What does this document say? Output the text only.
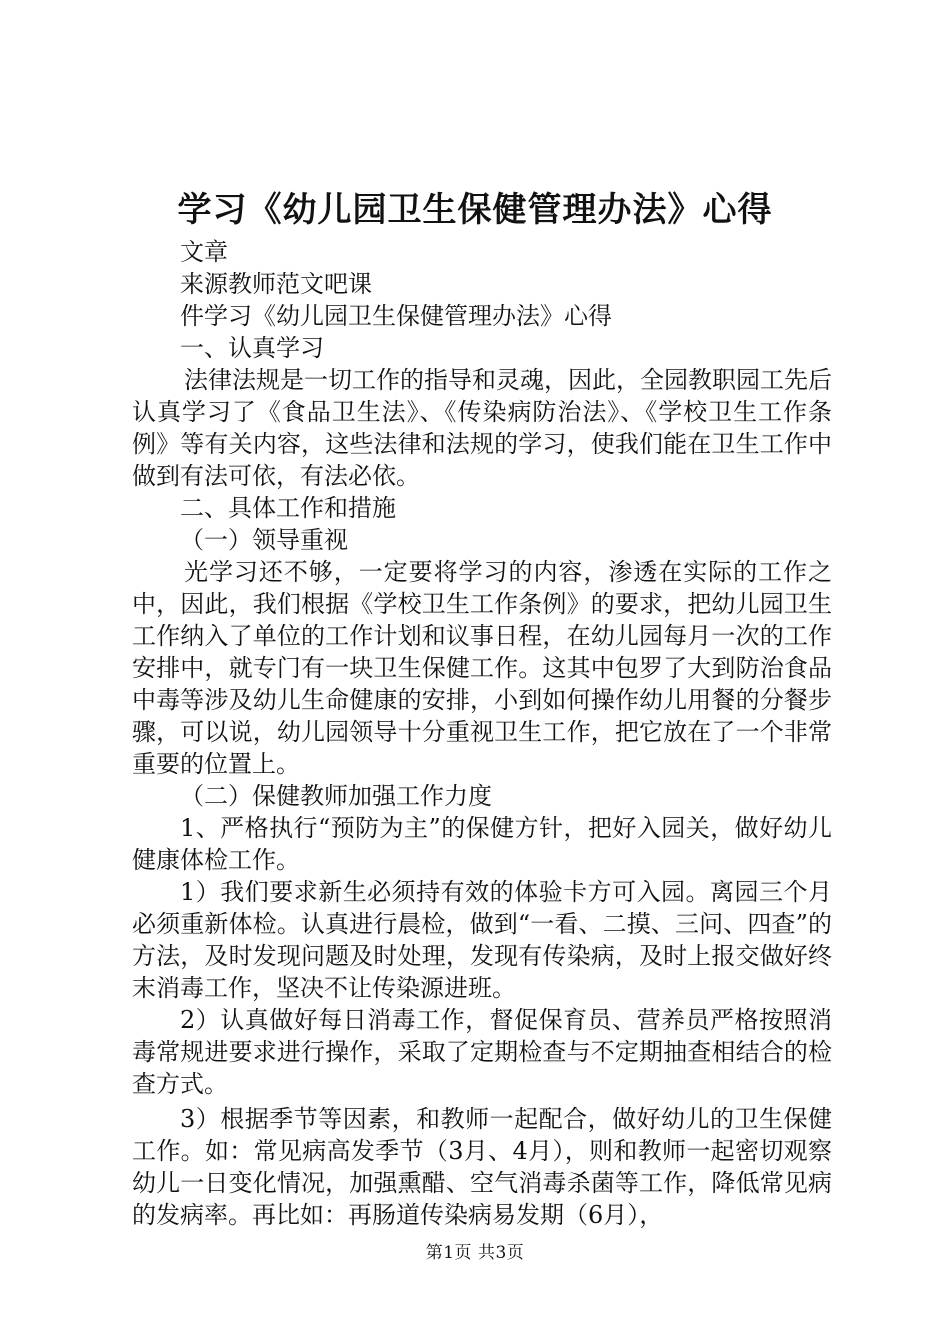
学习《幼儿园卫生保健管理办法》心得

文章

来源教师范文吧课

件学习《幼儿园卫生保健管理办法》心得

一、认真学习

法律法规是一切工作的指导和灵魂，因此，全园教职园工先后认真学习了《食品卫生法》、《传染病防治法》、《学校卫生工作条例》等有关内容，这些法律和法规的学习，使我们能在卫生工作中做到有法可依，有法必依。

二、具体工作和措施

（一）领导重视

光学习还不够，一定要将学习的内容，渗透在实际的工作之中，因此，我们根据《学校卫生工作条例》的要求，把幼儿园卫生工作纳入了单位的工作计划和议事日程，在幼儿园每月一次的工作安排中，就专门有一块卫生保健工作。这其中包罗了大到防治食品中毒等涉及幼儿生命健康的安排，小到如何操作幼儿用餐的分餐步骤，可以说，幼儿园领导十分重视卫生工作，把它放在了一个非常重要的位置上。

（二）保健教师加强工作力度

1、严格执行“预防为主”的保健方针，把好入园关，做好幼儿健康体检工作。

1）我们要求新生必须持有效的体验卡方可入园。离园三个月必须重新体检。认真进行晨检，做到“一看、二摸、三问、四查”的方法，及时发现问题及时处理，发现有传染病，及时上报交做好终末消毒工作，坚决不让传染源进班。

2）认真做好每日消毒工作，督促保育员、营养员严格按照消毒常规进要求进行操作，采取了定期检查与不定期抽查相结合的检查方式。

3）根据季节等因素，和教师一起配合，做好幼儿的卫生保健工作。如：常见病高发季节（3月、4月），则和教师一起密切观察幼儿一日变化情况，加强熏醋、空气消毒杀菌等工作，降低常见病的发病率。再比如：再肠道传染病易发期（6月），

第1页 共3页
